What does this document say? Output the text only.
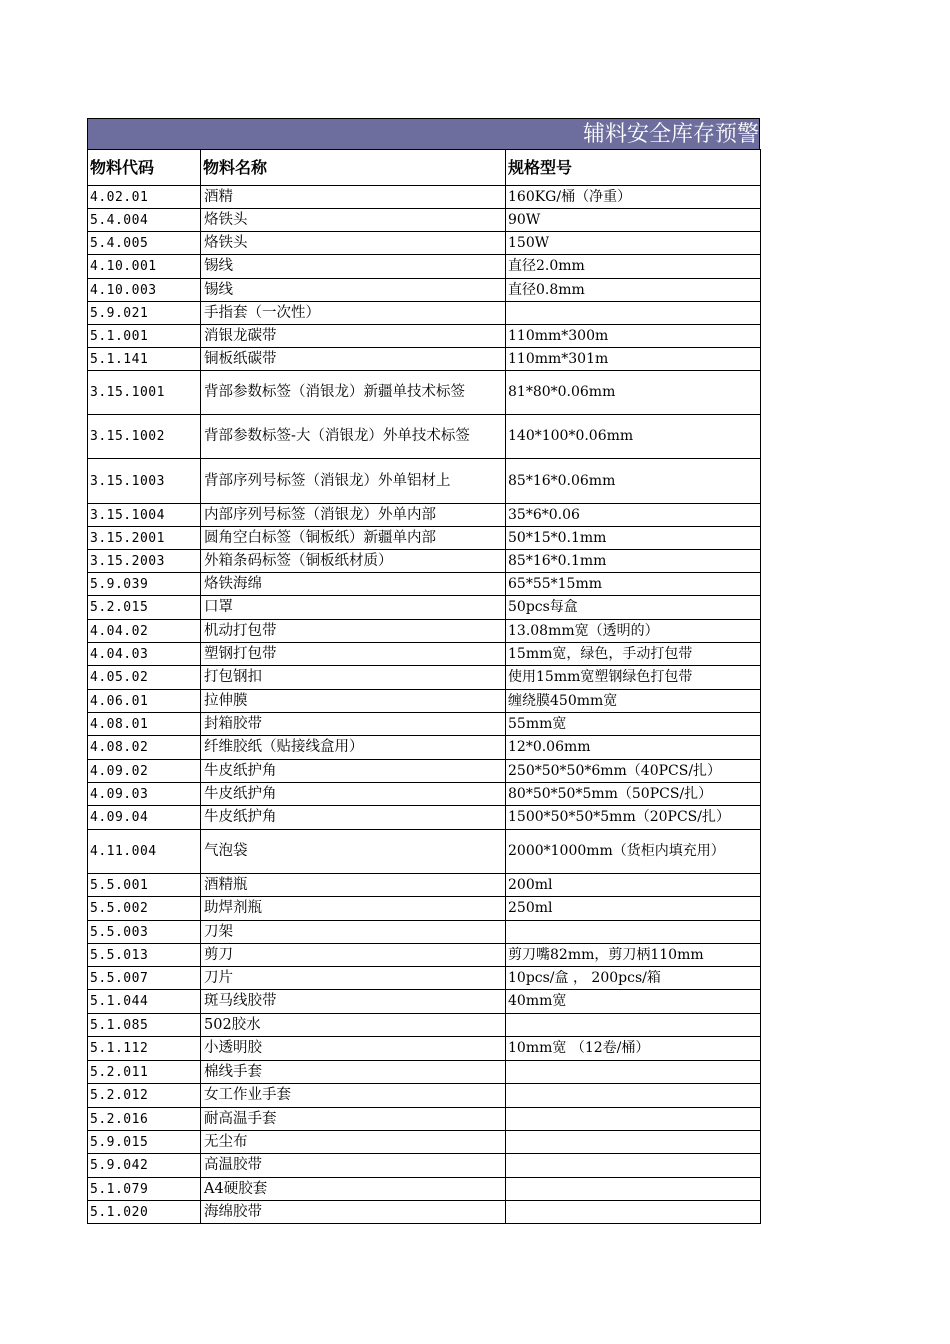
辅料安全库存预警
物料代码	物料名称	规格型号
4.02.01	酒精	160KG/桶（净重）
5.4.004	烙铁头	90W
5.4.005	烙铁头	150W
4.10.001	锡线	直径2.0mm
4.10.003	锡线	直径0.8mm
5.9.021	手指套（一次性）	
5.1.001	消银龙碳带	110mm*300m
5.1.141	铜板纸碳带	110mm*301m
3.15.1001	背部参数标签（消银龙）新疆单技术标签	81*80*0.06mm
3.15.1002	背部参数标签-大（消银龙）外单技术标签	140*100*0.06mm
3.15.1003	背部序列号标签（消银龙）外单铝材上	85*16*0.06mm
3.15.1004	内部序列号标签（消银龙）外单内部	35*6*0.06
3.15.2001	圆角空白标签（铜板纸）新疆单内部	50*15*0.1mm
3.15.2003	外箱条码标签（铜板纸材质）	85*16*0.1mm
5.9.039	烙铁海绵	65*55*15mm
5.2.015	口罩	50pcs每盒
4.04.02	机动打包带	13.08mm宽（透明的）
4.04.03	塑钢打包带	15mm宽，绿色，手动打包带
4.05.02	打包钢扣	使用15mm宽塑钢绿色打包带
4.06.01	拉伸膜	缠绕膜450mm宽
4.08.01	封箱胶带	55mm宽
4.08.02	纤维胶纸（贴接线盒用）	12*0.06mm
4.09.02	牛皮纸护角	250*50*50*6mm（40PCS/扎）
4.09.03	牛皮纸护角	80*50*50*5mm（50PCS/扎）
4.09.04	牛皮纸护角	1500*50*50*5mm（20PCS/扎）
4.11.004	气泡袋	2000*1000mm（货柜内填充用）
5.5.001	酒精瓶	200ml
5.5.002	助焊剂瓶	250ml
5.5.003	刀架	
5.5.013	剪刀	剪刀嘴82mm，剪刀柄110mm
5.5.007	刀片	10pcs/盒 ， 200pcs/箱
5.1.044	斑马线胶带	40mm宽
5.1.085	502胶水	
5.1.112	小透明胶	10mm宽 （12卷/桶）
5.2.011	棉线手套	
5.2.012	女工作业手套	
5.2.016	耐高温手套	
5.9.015	无尘布	
5.9.042	高温胶带	
5.1.079	A4硬胶套	
5.1.020	海绵胶带	
